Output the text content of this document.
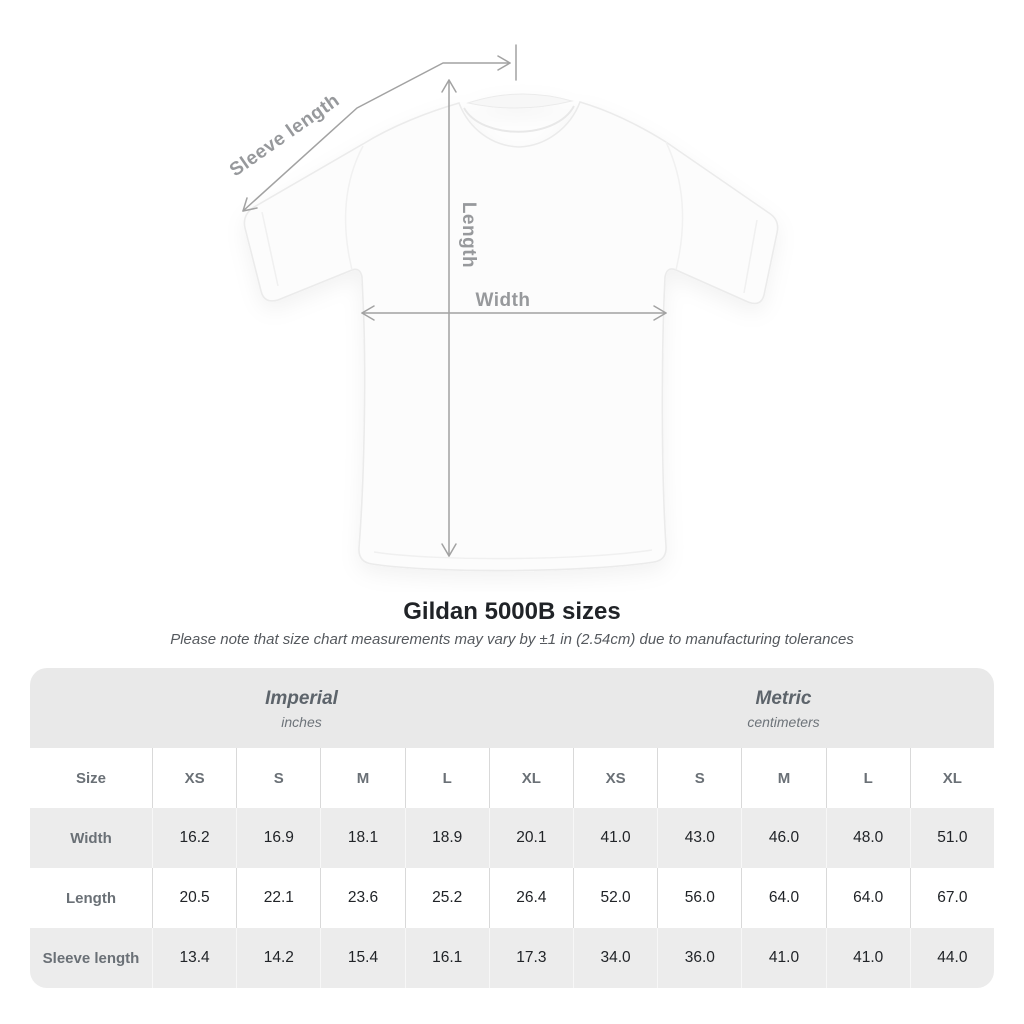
Sleeve length
Length
Width
Gildan 5000B sizes

Please note that size chart measurements may vary by ±1 in (2.54cm) due to manufacturing tolerances

Imperial
inches
Metric
centimeters
Size	XS	S	M	L	XL	XS	S	M	L	XL
Width	16.2	16.9	18.1	18.9	20.1	41.0	43.0	46.0	48.0	51.0
Length	20.5	22.1	23.6	25.2	26.4	52.0	56.0	64.0	64.0	67.0
Sleeve length	13.4	14.2	15.4	16.1	17.3	34.0	36.0	41.0	41.0	44.0
